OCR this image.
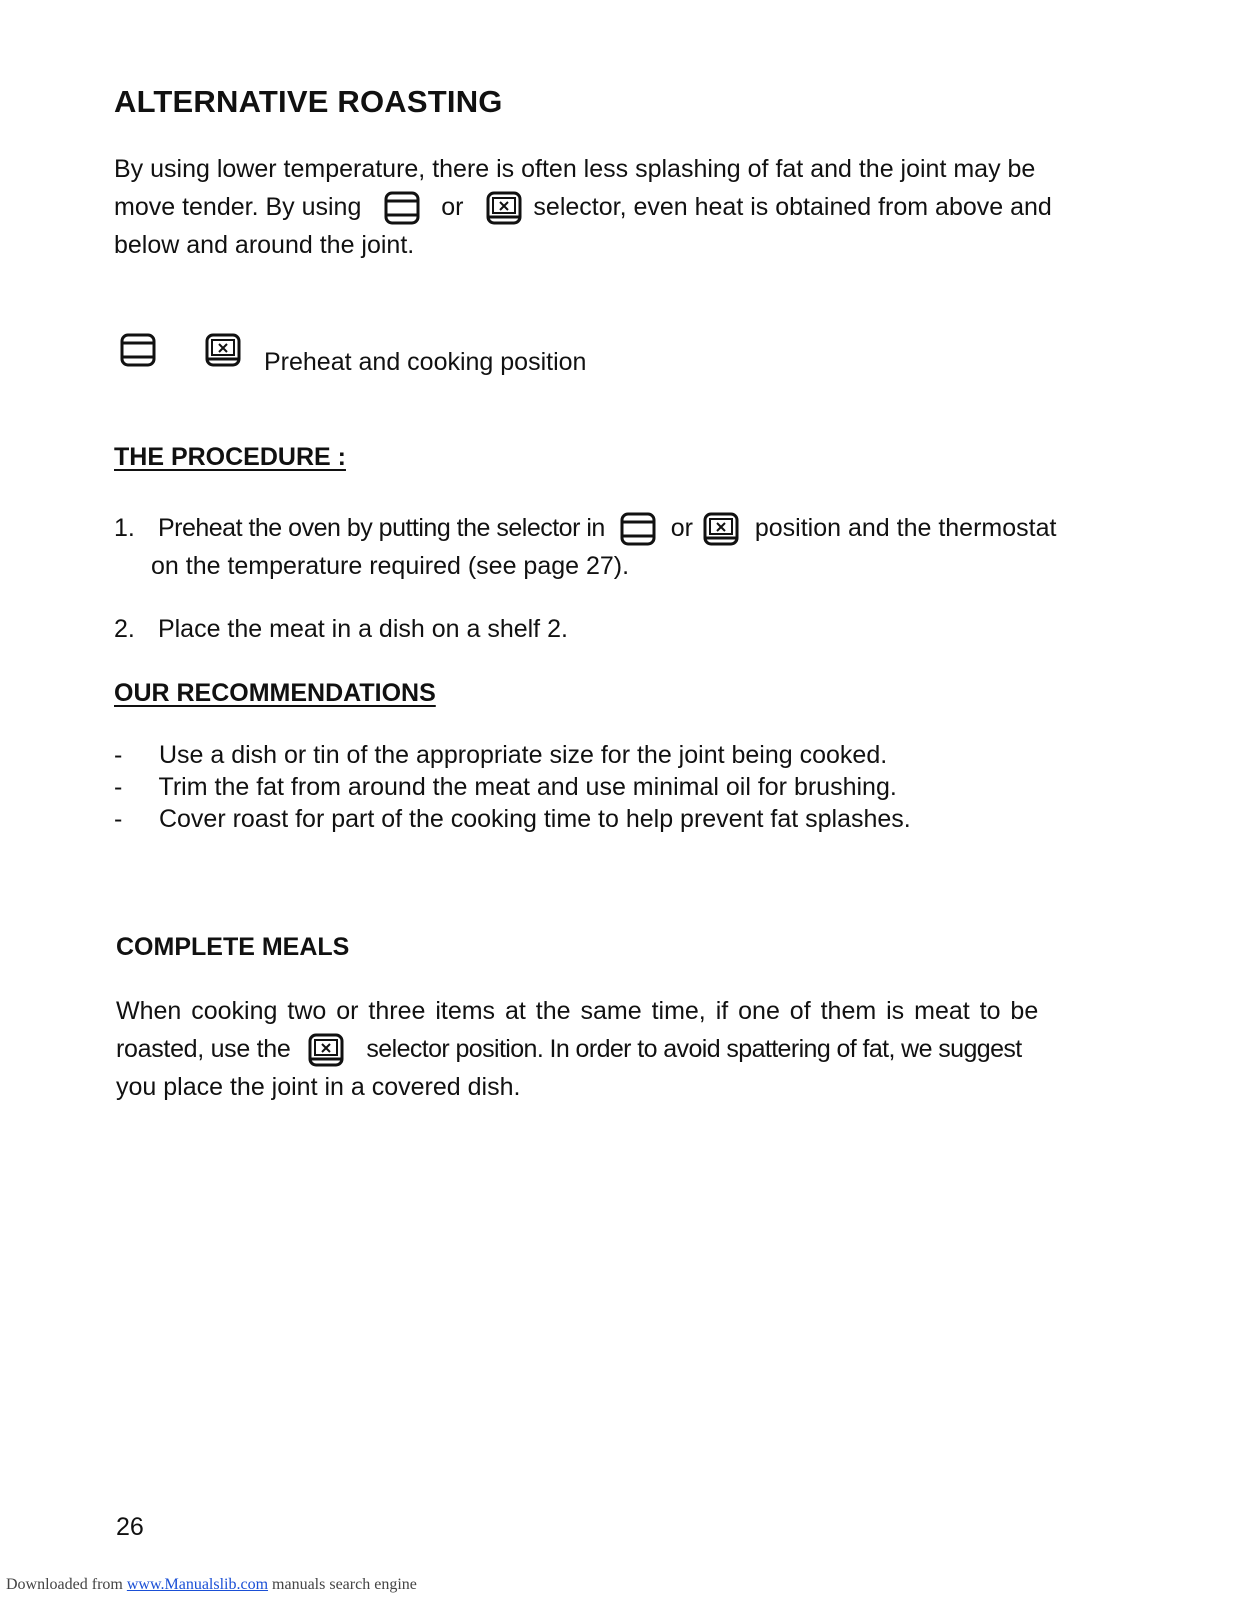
ALTERNATIVE ROASTING
By using lower temperature, there is often less splashing of fat and the joint may be
move tender. By using	or	selector, even heat is obtained from above and
below and around the joint.

Preheat and cooking position
THE PROCEDURE :
1. Preheat the oven by putting the selector in	or position and the thermostat
on the temperature required (see page 27).
2. Place the meat in a dish on a shelf 2.
OUR RECOMMENDATIONS
- Use a dish or tin of the appropriate size for the joint being cooked.
- Trim the fat from around the meat and use minimal oil for brushing.
- Cover roast for part of the cooking time to help prevent fat splashes.
COMPLETE MEALS
When cooking two or three items at the same time, if one of them is meat to be
roasted, use the	selector position. In order to avoid spattering of fat, we suggest
you place the joint in a covered dish.
26
Downloaded from www.Manualslib.com manuals search engine
